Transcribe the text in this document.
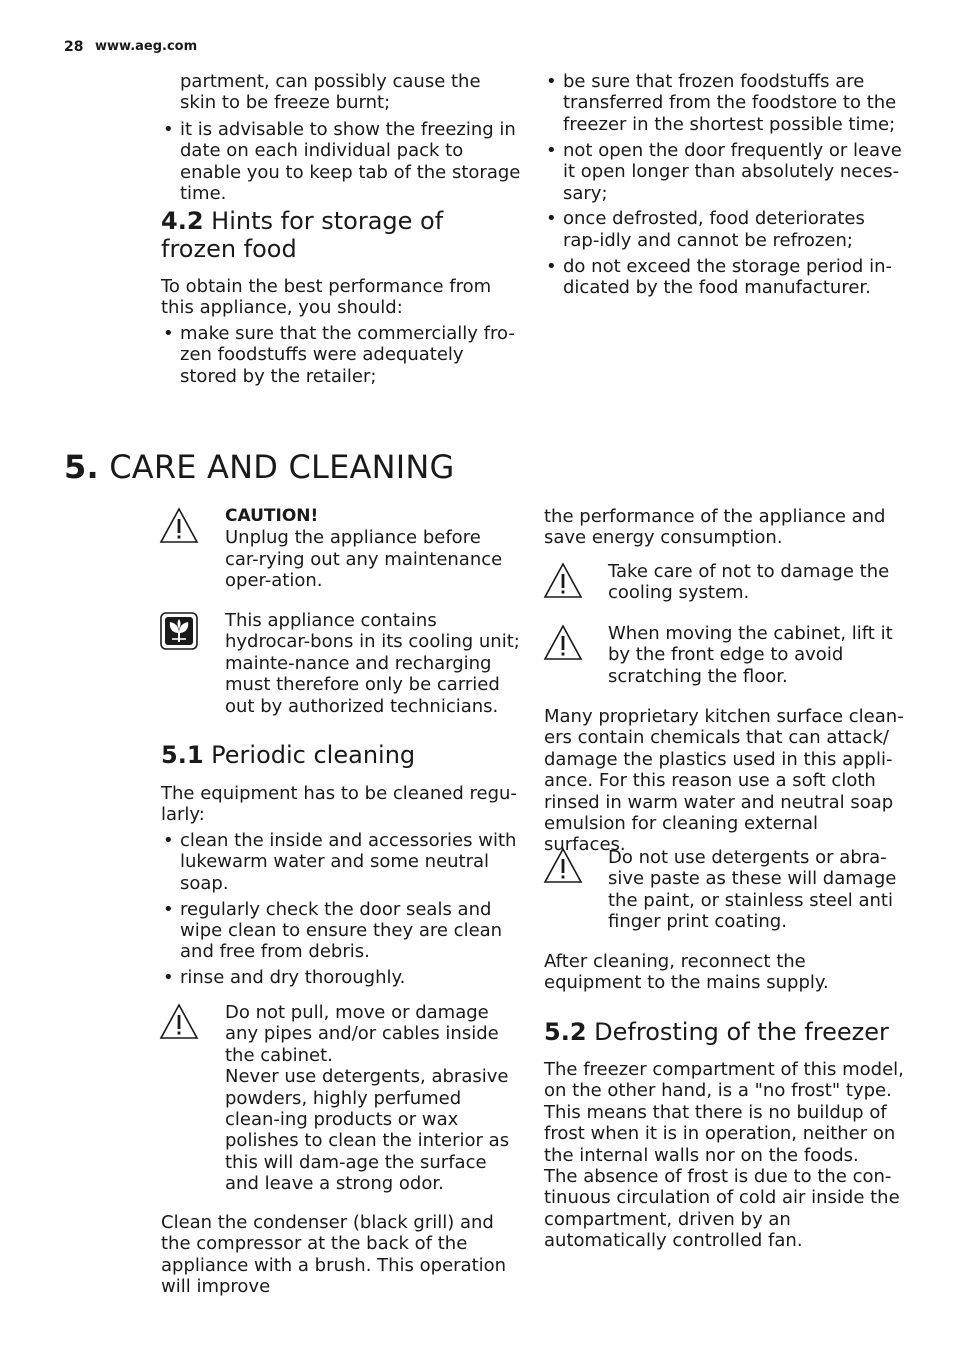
28 www.aeg.com
partment, can possibly cause the skin to be freeze burnt;
• it is advisable to show the freezing in date on each individual pack to enable you to keep tab of the storage time.
4.2 Hints for storage of frozen food
To obtain the best performance from this appliance, you should:
• make sure that the commercially fro-zen foodstuffs were adequately stored by the retailer;
• be sure that frozen foodstuffs are transferred from the foodstore to the freezer in the shortest possible time;
• not open the door frequently or leave it open longer than absolutely neces-sary;
• once defrosted, food deteriorates rap-idly and cannot be refrozen;
• do not exceed the storage period in-dicated by the food manufacturer.
5. CARE AND CLEANING
CAUTION!
Unplug the appliance before car-rying out any maintenance oper-ation.
This appliance contains hydrocar-bons in its cooling unit; mainte-nance and recharging must therefore only be carried out by authorized technicians.
5.1 Periodic cleaning
The equipment has to be cleaned regu-larly:
• clean the inside and accessories with lukewarm water and some neutral soap.
• regularly check the door seals and wipe clean to ensure they are clean and free from debris.
• rinse and dry thoroughly.
Do not pull, move or damage any pipes and/or cables inside the cabinet.
Never use detergents, abrasive powders, highly perfumed clean-ing products or wax polishes to clean the interior as this will dam-age the surface and leave a strong odor.
Clean the condenser (black grill) and the compressor at the back of the appliance with a brush. This operation will improve
the performance of the appliance and save energy consumption.
Take care of not to damage the cooling system.
When moving the cabinet, lift it by the front edge to avoid scratching the floor.
Many proprietary kitchen surface clean-ers contain chemicals that can attack/ damage the plastics used in this appli-ance. For this reason use a soft cloth rinsed in warm water and neutral soap emulsion for cleaning external surfaces.
Do not use detergents or abra-sive paste as these will damage the paint, or stainless steel anti finger print coating.
After cleaning, reconnect the equipment to the mains supply.
5.2 Defrosting of the freezer
The freezer compartment of this model, on the other hand, is a "no frost" type. This means that there is no buildup of frost when it is in operation, neither on the internal walls nor on the foods.
The absence of frost is due to the con-tinuous circulation of cold air inside the compartment, driven by an automatically controlled fan.
